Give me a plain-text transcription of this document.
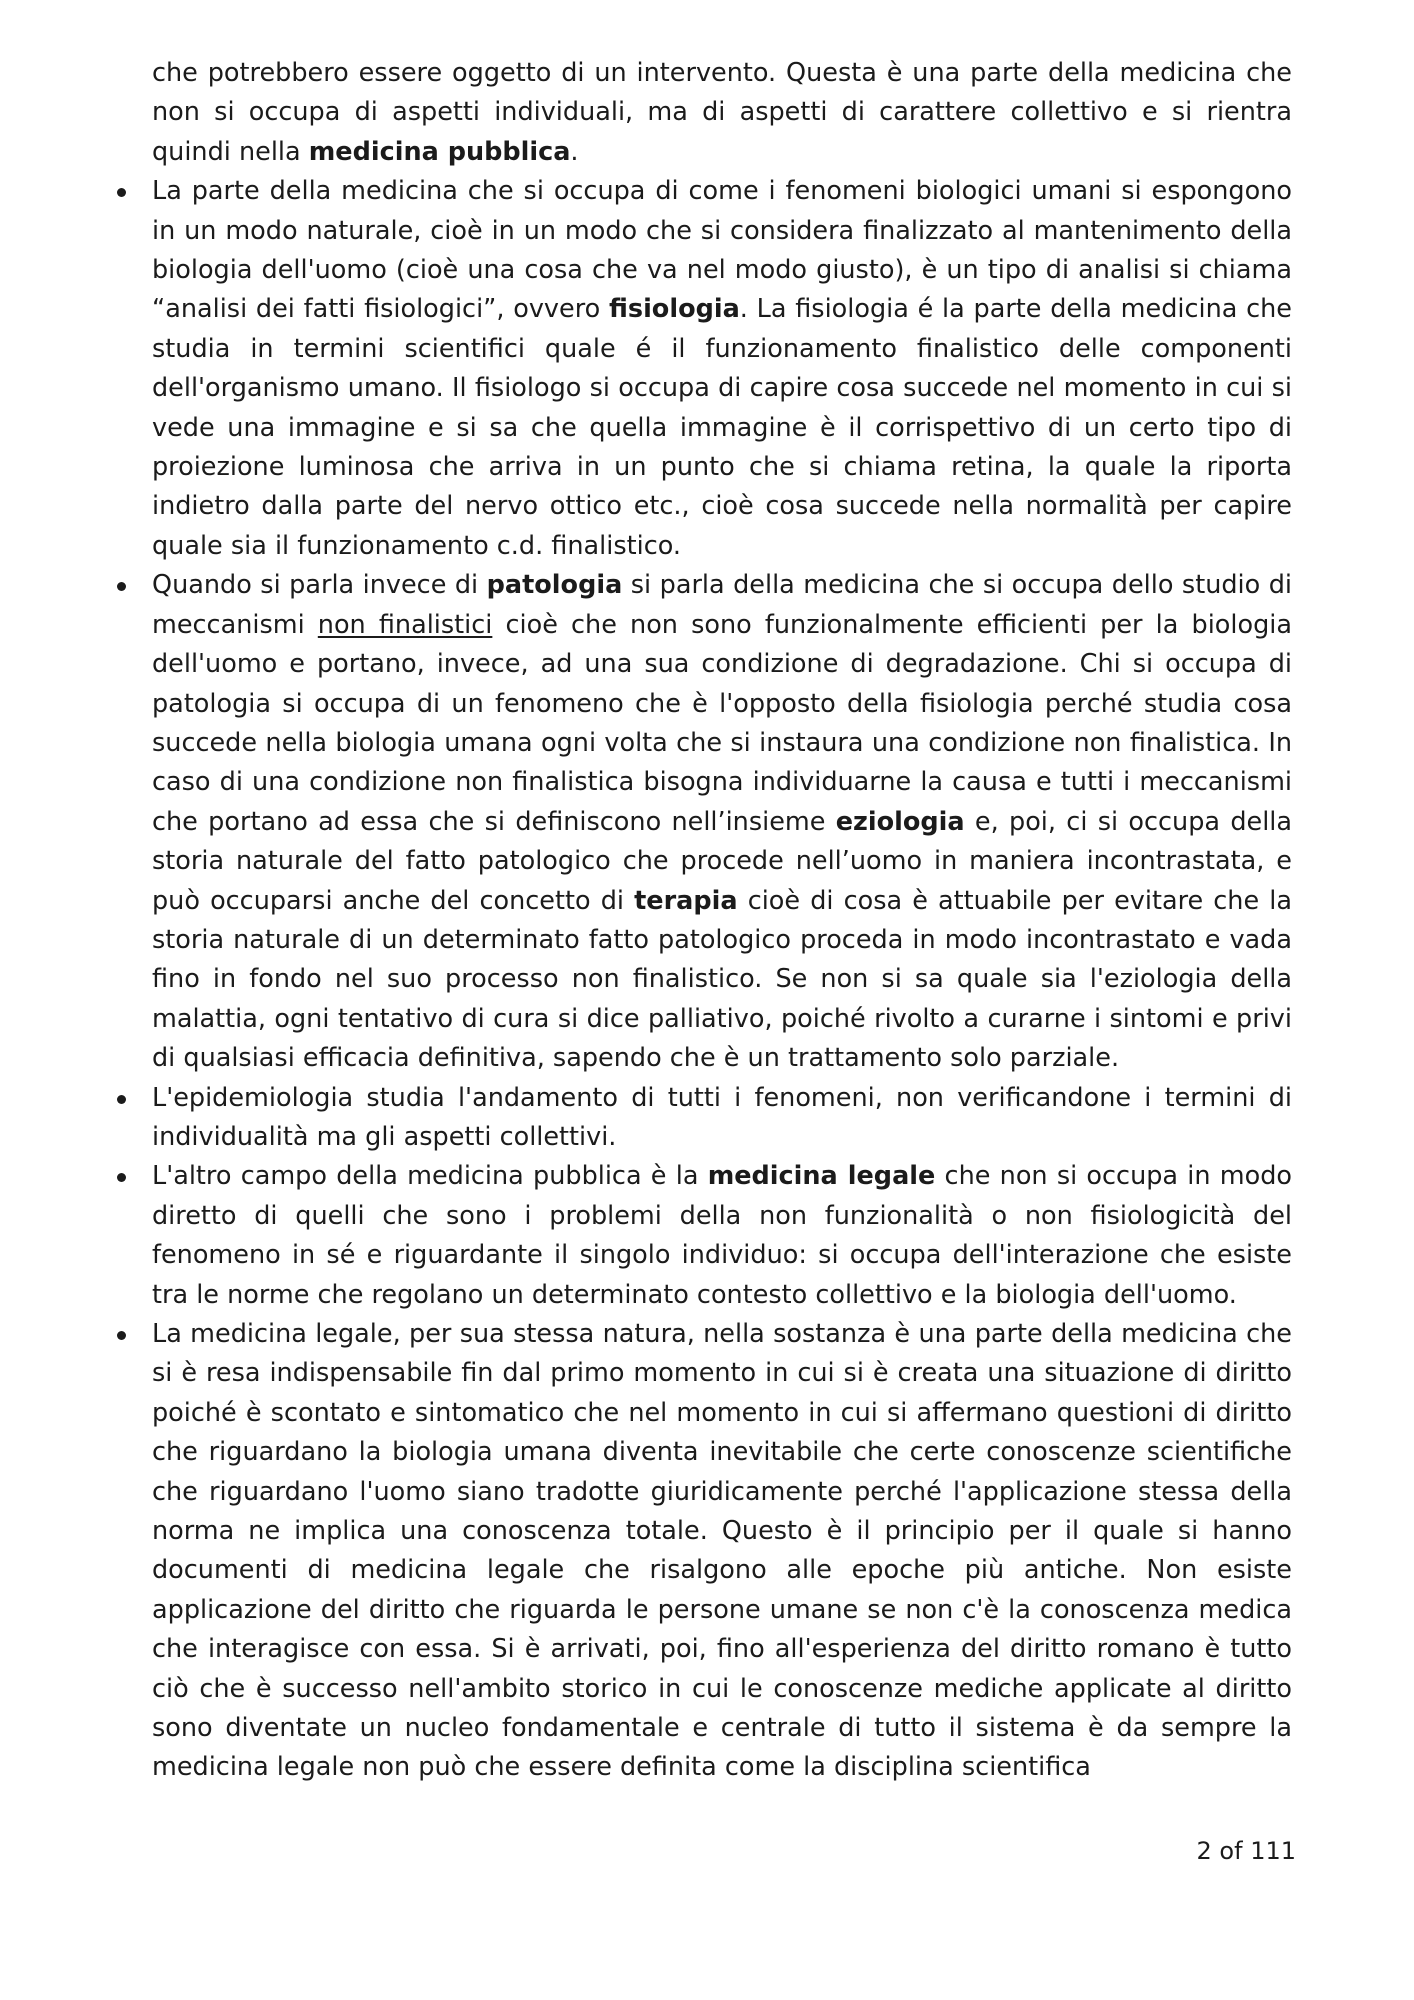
che potrebbero essere oggetto di un intervento. Questa è una parte della medicina che non si occupa di aspetti individuali, ma di aspetti di carattere collettivo e si rientra quindi nella medicina pubblica.

La parte della medicina che si occupa di come i fenomeni biologici umani si espongono in un modo naturale, cioè in un modo che si considera finalizzato al mantenimento della biologia dell'uomo (cioè una cosa che va nel modo giusto), è un tipo di analisi si chiama “analisi dei fatti fisiologici”, ovvero fisiologia. La fisiologia é la parte della medicina che studia in termini scientifici quale é il funzionamento finalistico delle componenti dell'organismo umano. Il fisiologo si occupa di capire cosa succede nel momento in cui si vede una immagine e si sa che quella immagine è il corrispettivo di un certo tipo di proiezione luminosa che arriva in un punto che si chiama retina, la quale la riporta indietro dalla parte del nervo ottico etc., cioè cosa succede nella normalità per capire quale sia il funzionamento c.d. finalistico.
Quando si parla invece di patologia si parla della medicina che si occupa dello studio di meccanismi non finalistici cioè che non sono funzionalmente efficienti per la biologia dell'uomo e portano, invece, ad una sua condizione di degradazione. Chi si occupa di patologia si occupa di un fenomeno che è l'opposto della fisiologia perché studia cosa succede nella biologia umana ogni volta che si instaura una condizione non finalistica. In caso di una condizione non finalistica bisogna individuarne la causa e tutti i meccanismi che portano ad essa che si definiscono nell’insieme eziologia e, poi, ci si occupa della storia naturale del fatto patologico che procede nell’uomo in maniera incontrastata, e può occuparsi anche del concetto di terapia cioè di cosa è attuabile per evitare che la storia naturale di un determinato fatto patologico proceda in modo incontrastato e vada fino in fondo nel suo processo non finalistico. Se non si sa quale sia l'eziologia della malattia, ogni tentativo di cura si dice palliativo, poiché rivolto a curarne i sintomi e privi di qualsiasi efficacia definitiva, sapendo che è un trattamento solo parziale.
L'epidemiologia studia l'andamento di tutti i fenomeni, non verificandone i termini di individualità ma gli aspetti collettivi.
L'altro campo della medicina pubblica è la medicina legale che non si occupa in modo diretto di quelli che sono i problemi della non funzionalità o non fisiologicità del fenomeno in sé e riguardante il singolo individuo: si occupa dell'interazione che esiste tra le norme che regolano un determinato contesto collettivo e la biologia dell'uomo.
La medicina legale, per sua stessa natura, nella sostanza è una parte della medicina che si è resa indispensabile fin dal primo momento in cui si è creata una situazione di diritto poiché è scontato e sintomatico che nel momento in cui si affermano questioni di diritto che riguardano la biologia umana diventa inevitabile che certe conoscenze scientifiche che riguardano l'uomo siano tradotte giuridicamente perché l'applicazione stessa della norma ne implica una conoscenza totale. Questo è il principio per il quale si hanno documenti di medicina legale che risalgono alle epoche più antiche. Non esiste applicazione del diritto che riguarda le persone umane se non c'è la conoscenza medica che interagisce con essa. Si è arrivati, poi, fino all'esperienza del diritto romano è tutto ciò che è successo nell'ambito storico in cui le conoscenze mediche applicate al diritto sono diventate un nucleo fondamentale e centrale di tutto il sistema è da sempre la medicina legale non può che essere definita come la disciplina scientifica
2 of 111
